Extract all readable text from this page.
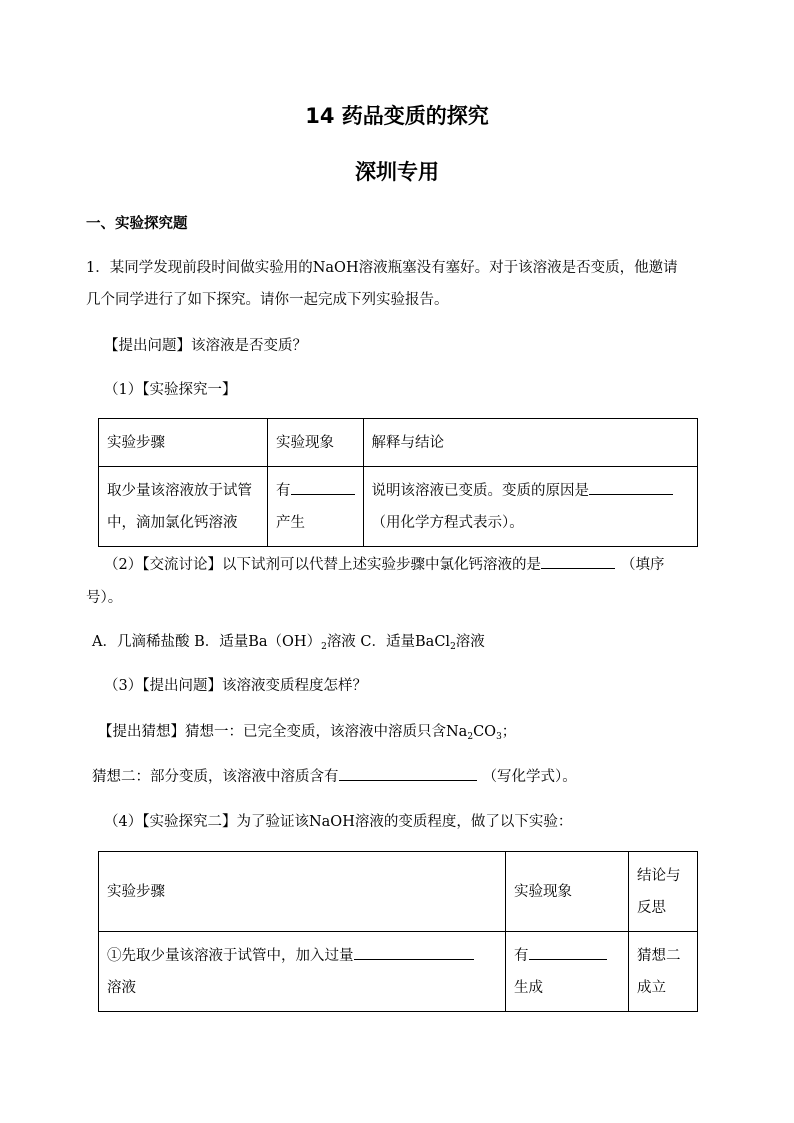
14 药品变质的探究
深圳专用
一、实验探究题
1．某同学发现前段时间做实验用的NaOH溶液瓶塞没有塞好。对于该溶液是否变质，他邀请
几个同学进行了如下探究。请你一起完成下列实验报告。
【提出问题】该溶液是否变质？
（1）【实验探究一】
实验步骤	实验现象	解释与结论

取少量该溶液放于试管
中，滴加氯化钙溶液	有
产生	说明该溶液已变质。变质的原因是
（用化学方程式表示）。
（2）【交流讨论】以下试剂可以代替上述实验步骤中氯化钙溶液的是	（填序
号）。
A．几滴稀盐酸 B．适量$Ba(OH)_2$溶液 C．适量BaCl$_2$溶液
（3）【提出问题】该溶液变质程度怎样？
【提出猜想】猜想一：已完全变质，该溶液中溶质只含$Na_2CO_3$；
猜想二：部分变质，该溶液中溶质含有	（写化学式）。
（4）【实验探究二】为了验证该NaOH溶液的变质程度，做了以下实验：
实验步骤	实验现象	结论与
反思

①先取少量该溶液于试管中，加入过量
溶液	有
生成	猜想二
成立
